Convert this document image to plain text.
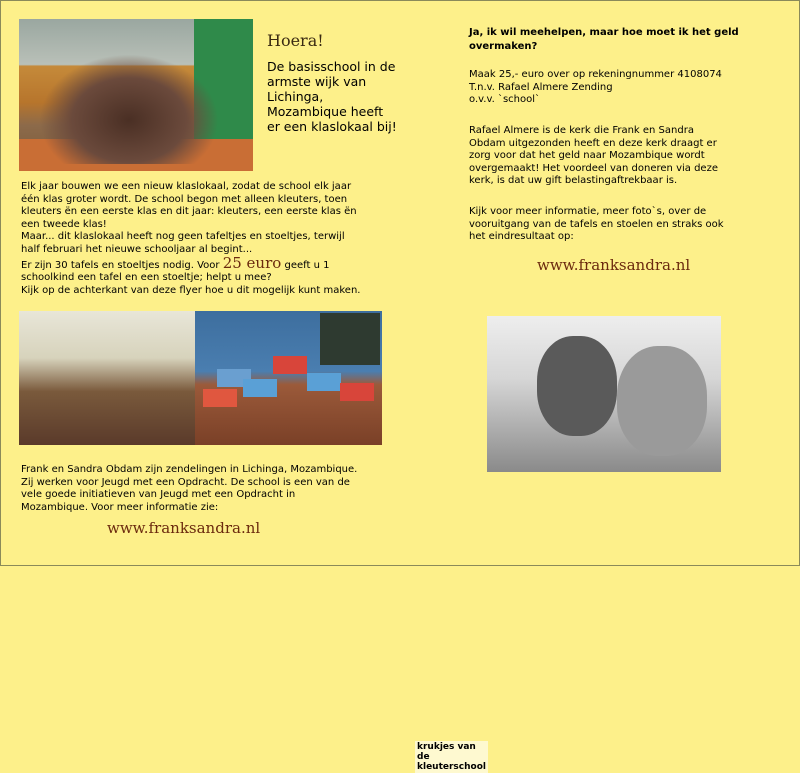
Hoera!
De basisschool in de armste wijk van Lichinga, Mozambique heeft er een klaslokaal bij!

Elk jaar bouwen we een nieuw klaslokaal, zodat de school elk jaar

één klas groter wordt. De school begon met alleen kleuters, toen

kleuters ën een eerste klas en dit jaar: kleuters, een eerste klas ën

een tweede klas!

Maar... dit klaslokaal heeft nog geen tafeltjes en stoeltjes, terwijl

half februari het nieuwe schooljaar al begint...

Er zijn 30 tafels en stoeltjes nodig. Voor 25 euro geeft u 1

schoolkind een tafel en een stoeltje; helpt u mee?

Kijk op de achterkant van deze flyer hoe u dit mogelijk kunt maken.

krukjes van de kleuterschool

Frank en Sandra Obdam zijn zendelingen in Lichinga, Mozambique.

Zij werken voor Jeugd met een Opdracht. De school is een van de

vele goede initiatieven van Jeugd met een Opdracht in

Mozambique. Voor meer informatie zie:

www.franksandra.nl
Ja, ik wil meehelpen, maar hoe moet ik het geld overmaken?

Maak 25,- euro over op rekeningnummer 4108074

T.n.v. Rafael Almere Zending

o.v.v. `school`

Rafael Almere is de kerk die Frank en Sandra

Obdam uitgezonden heeft en deze kerk draagt er

zorg voor dat het geld naar Mozambique wordt

overgemaakt! Het voordeel van doneren via deze

kerk, is dat uw gift belastingaftrekbaar is.

Kijk voor meer informatie, meer foto`s, over de

vooruitgang van de tafels en stoelen en straks ook

het eindresultaat op:

www.franksandra.nl
